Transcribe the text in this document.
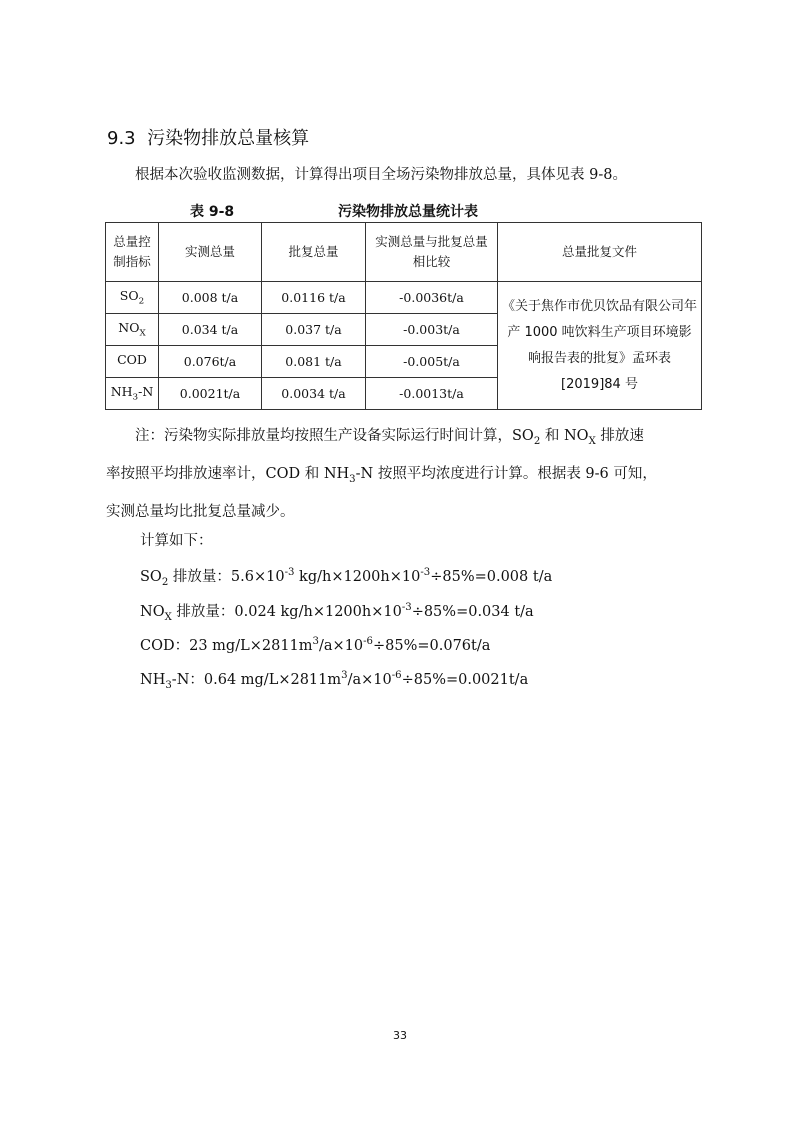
9.3 污染物排放总量核算
根据本次验收监测数据，计算得出项目全场污染物排放总量，具体见表 9-8。
表 9-8	污染物排放总量统计表
总量控制指标	实测总量	批复总量	实测总量与批复总量相比较	总量批复文件
$SO_2$	0.008 t/a	0.0116 t/a	-0.0036t/a	《关于焦作市优贝饮品有限公司年产 1000 吨饮料生产项目环境影响报告表的批复》孟环表[2019]84 号
$NO_X$	0.034 t/a	0.037 t/a	-0.003t/a	
COD	0.076t/a	0.081 t/a	-0.005t/a	
$NH_3-N$	0.0021t/a	0.0034 t/a	-0.0013t/a	

注：污染物实际排放量均按照生产设备实际运行时间计算，$SO_2$ 和 $NO_X$ 排放速

率按照平均排放速率计，COD 和 $NH_3-N$ 按照平均浓度进行计算。根据表 9-6 可知，

实测总量均比批复总量减少。

计算如下：
$SO_2$ 排放量：$5.6\times 10^{-3}$ $kg/h\times 1200h\times 10^{-3}\div 85\%=0.008$ t/a
$NO_X$ 排放量：0.024 $kg/h\times 1200h\times 10^{-3}\div 85\%=0.034$ t/a
COD：23 $mg/L\times 2811m^3/a\times 10^{-6}\div 85\%=0.076t/a$
$NH_3-N$：0.64 $mg/L\times 2811m^3/a\times 10^{-6}\div 85\%=0.0021t/a$
33
